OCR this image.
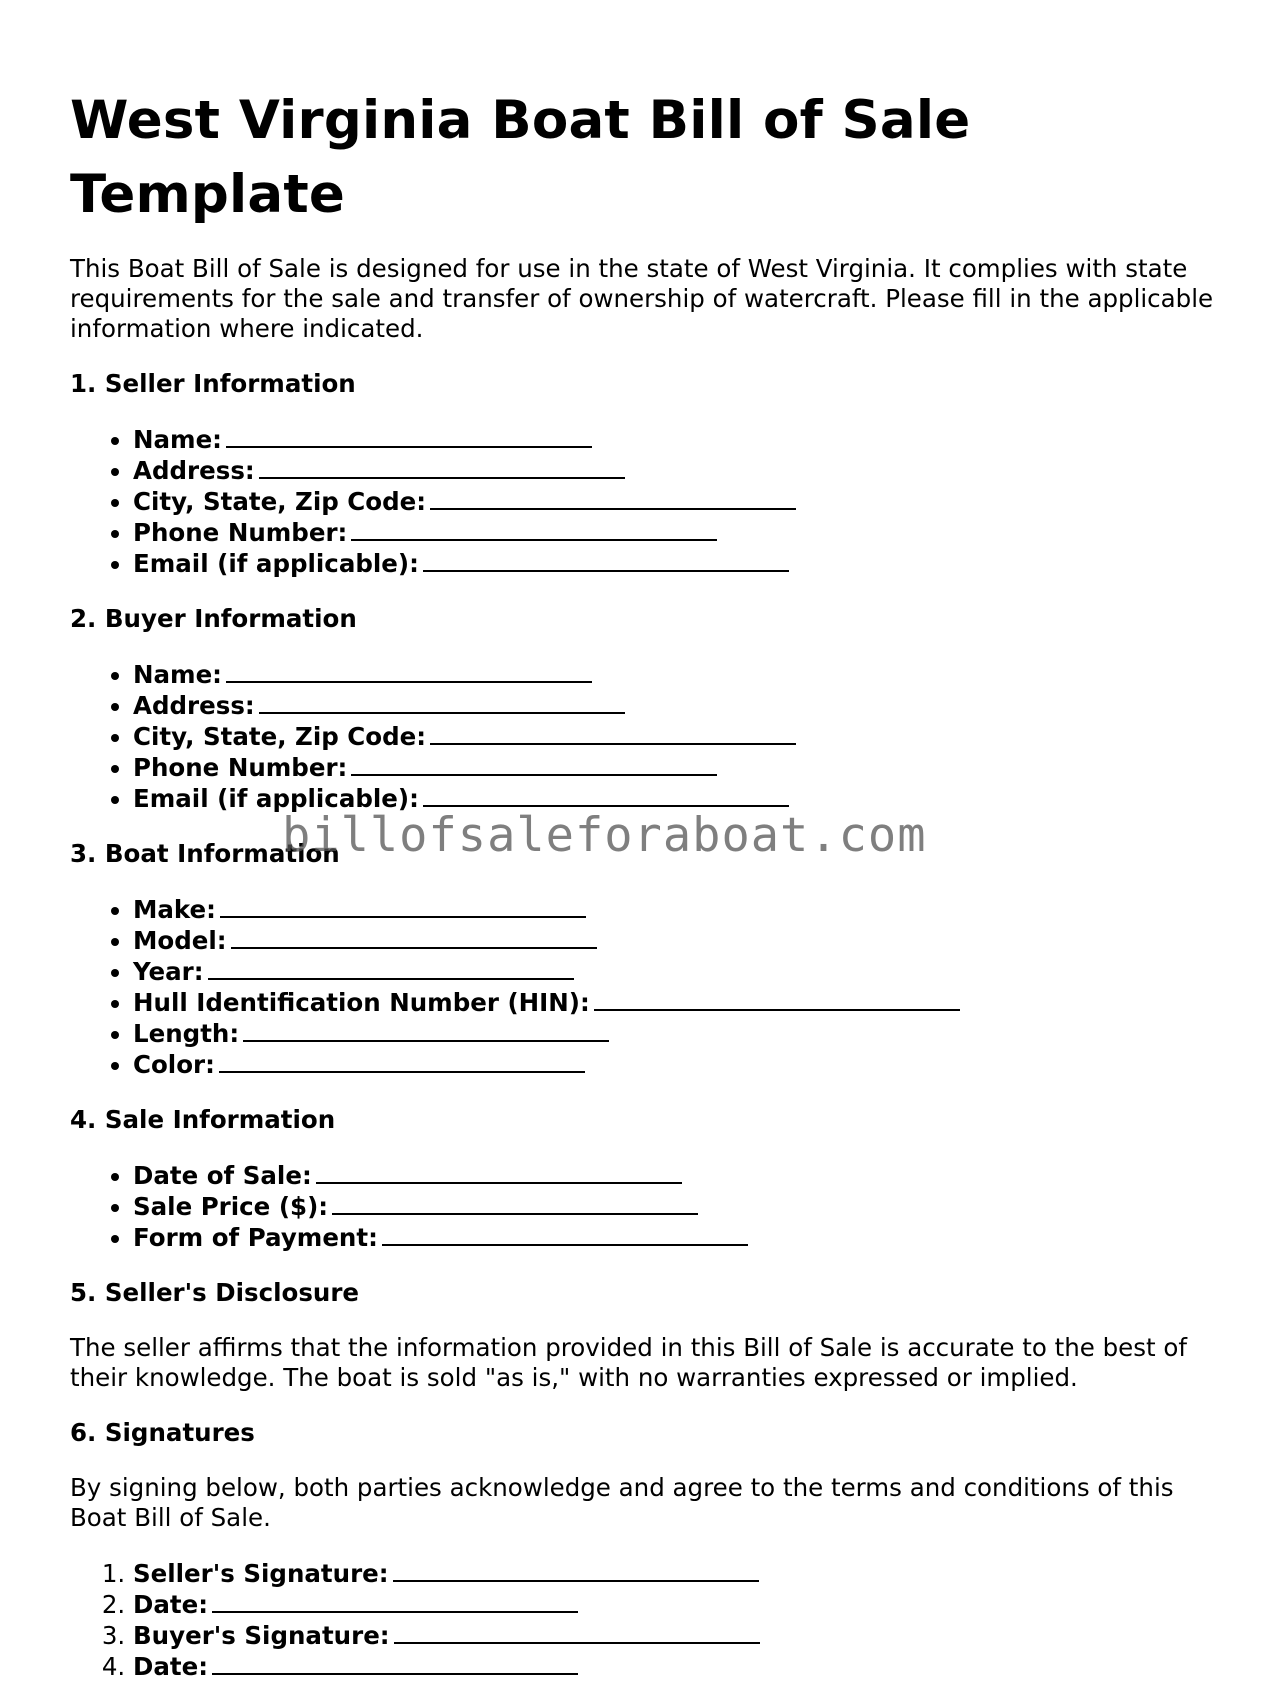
West Virginia Boat Bill of Sale Template

This Boat Bill of Sale is designed for use in the state of West Virginia. It complies with state requirements for the sale and transfer of ownership of watercraft. Please fill in the applicable information where indicated.

1. Seller Information
• Name:
• Address:
• City, State, Zip Code:
• Phone Number:
• Email (if applicable):
2. Buyer Information
• Name:
• Address:
• City, State, Zip Code:
• Phone Number:
• Email (if applicable):
3. Boat Information
• Make:
• Model:
• Year:
• Hull Identification Number (HIN):
• Length:
• Color:
4. Sale Information
• Date of Sale:
• Sale Price ($):
• Form of Payment:
5. Seller's Disclosure

The seller affirms that the information provided in this Bill of Sale is accurate to the best of their knowledge. The boat is sold "as is," with no warranties expressed or implied.

6. Signatures

By signing below, both parties acknowledge and agree to the terms and conditions of this Boat Bill of Sale.

1. Seller's Signature:
2. Date:
3. Buyer's Signature:
4. Date:
billofsaleforaboat.com
